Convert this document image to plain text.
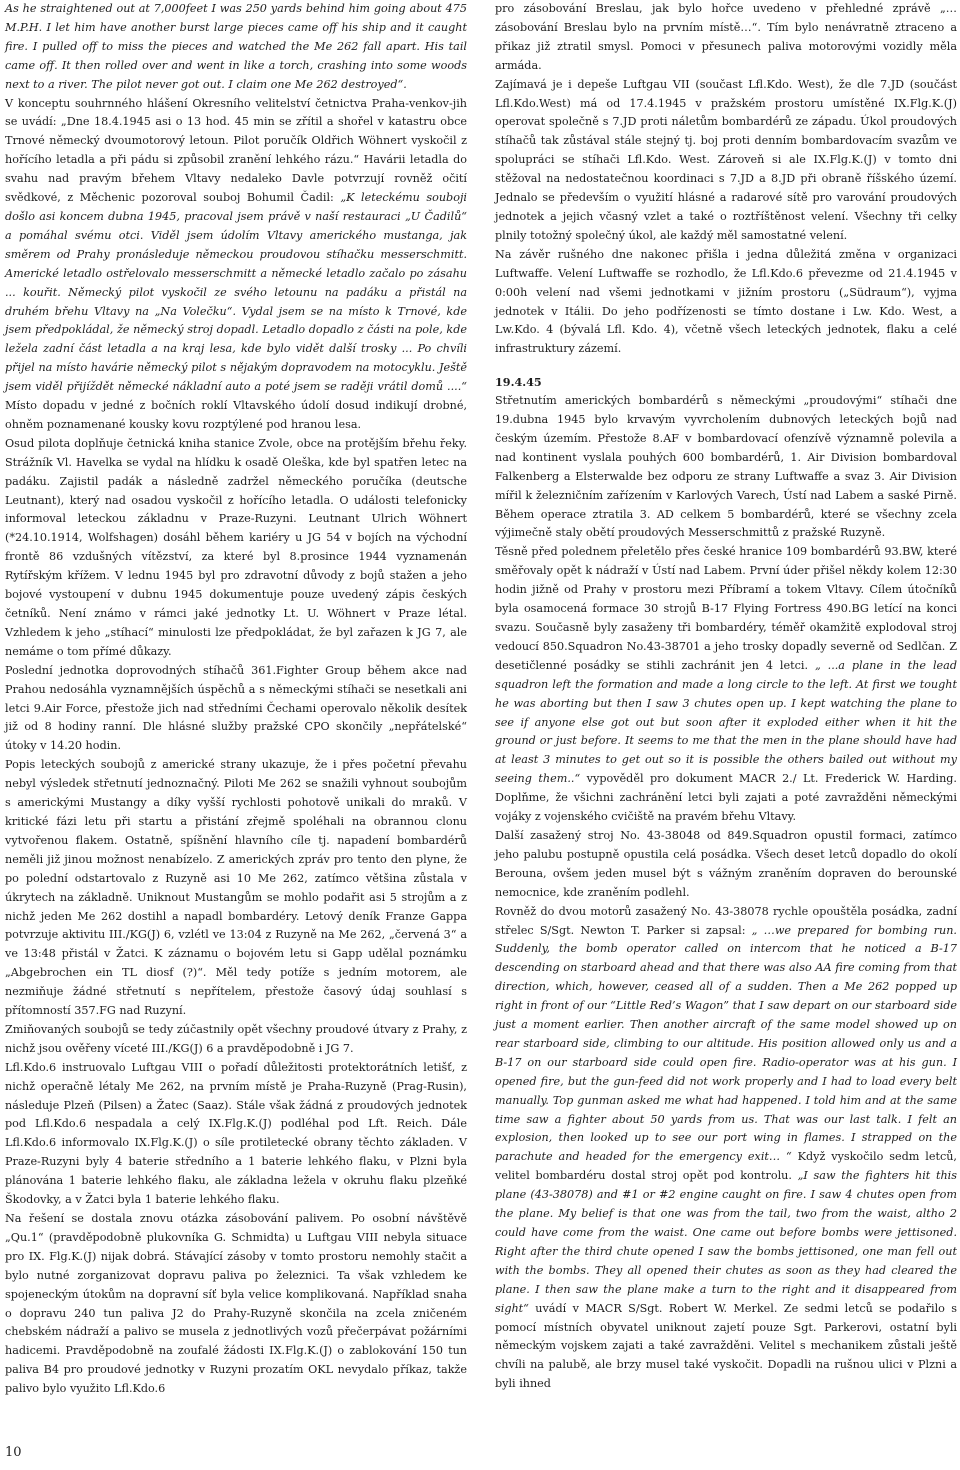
As he straightened out at 7,000feet I was 250 yards behind him going about 475 M.P.H. I let him have another burst large pieces came off his ship and it caught fire. I pulled off to miss the pieces and watched the Me 262 fall apart. His tail came off. It then rolled over and went in like a torch, crashing into some woods next to a river. The pilot never got out. I claim one Me 262 destroyed“.

V konceptu souhrnného hlášení Okresního velitelství četnictva Praha-venkov-jih se uvádí: „Dne 18.4.1945 asi o 13 hod. 45 min se zřítil a shořel v katastru obce Trnové německý dvoumotorový letoun. Pilot poručík Oldřich Wöhnert vyskočil z hořícího letadla a při pádu si způsobil zranění lehkého rázu.“ Havárii letadla do svahu nad pravým břehem Vltavy nedaleko Davle potvrzují rovněž očití svědkové, z Měchenic pozoroval souboj Bohumil Čadil: „K leteckému souboji došlo asi koncem dubna 1945, pracoval jsem právě v naší restauraci „U Čadilů“ a pomáhal svému otci. Viděl jsem údolím Vltavy amerického mustanga, jak směrem od Prahy pronásleduje německou proudovou stíhačku messerschmitt. Americké letadlo ostřelovalo messerschmitt a německé letadlo začalo po zásahu ... kouřit. Německý pilot vyskočil ze svého letounu na padáku a přistál na druhém břehu Vltavy na „Na Volečku“. Vydal jsem se na místo k Trnové, kde jsem předpokládal, že německý stroj dopadl. Letadlo dopadlo z části na pole, kde ležela zadní část letadla a na kraj lesa, kde bylo vidět další trosky ... Po chvíli přijel na místo havárie německý pilot s nějakým dopravodem na motocyklu. Ještě jsem viděl přijíždět německé nákladní auto a poté jsem se raději vrátil domů ....“ Místo dopadu v jedné z bočních roklí Vltavského údolí dosud indikují drobné, ohněm poznamenané kousky kovu rozptýlené pod hranou lesa.

Osud pilota doplňuje četnická kniha stanice Zvole, obce na protějším břehu řeky. Strážník Vl. Havelka se vydal na hlídku k osadě Oleška, kde byl spatřen letec na padáku. Zajistil padák a následně zadržel německého poručíka (deutsche Leutnant), který nad osadou vyskočil z hořícího letadla. O události telefonicky informoval leteckou základnu v Praze-Ruzyni. Leutnant Ulrich Wöhnert (*24.10.1914, Wolfshagen) dosáhl během kariéry u JG 54 v bojích na východní frontě 86 vzdušných vítězství, za které byl 8.prosince 1944 vyznamenán Rytířským křížem. V lednu 1945 byl pro zdravotní důvody z bojů stažen a jeho bojové vystoupení v dubnu 1945 dokumentuje pouze uvedený zápis českých četníků. Není známo v rámci jaké jednotky Lt. U. Wöhnert v Praze létal. Vzhledem k jeho „stíhací“ minulosti lze předpokládat, že byl zařazen k JG 7, ale nemáme o tom přímé důkazy.

Poslední jednotka doprovodných stíhačů 361.Fighter Group během akce nad Prahou nedosáhla vyznamnějších úspěchů a s německými stíhači se nesetkali ani letci 9.Air Force, přestože jich nad středními Čechami operovalo několik desítek již od 8 hodiny ranní. Dle hlásné služby pražské CPO skončily „nepřátelské“ útoky v 14.20 hodin.

Popis leteckých soubojů z americké strany ukazuje, že i přes početní převahu nebyl výsledek střetnutí jednoznačný. Piloti Me 262 se snažili vyhnout soubojům s americkými Mustangy a díky vyšší rychlosti pohotově unikali do mraků. V kritické fázi letu při startu a přistání zřejmě spoléhali na obrannou clonu vytvořenou flakem. Ostatně, spíšnění hlavního cíle tj. napadení bombardérů neměli již jinou možnost nenabízelo. Z amerických zpráv pro tento den plyne, že po polední odstartovalo z Ruzyně asi 10 Me 262, zatímco většina zůstala v úkrytech na základně. Uniknout Mustangům se mohlo podařit asi 5 strojům a z nichž jeden Me 262 dostihl a napadl bombardéry. Letový deník Franze Gappa potvrzuje aktivitu III./KG(J) 6, vzlétl ve 13:04 z Ruzyně na Me 262, „červená 3“ a ve 13:48 přistál v Žatci. K záznamu o bojovém letu si Gapp udělal poznámku „Abgebrochen ein TL diosf (?)“. Měl tedy potíže s jedním motorem, ale nezmiňuje žádné střetnutí s nepřítelem, přestože časový údaj souhlasí s přítomností 357.FG nad Ruzyní.

Zmiňovaných soubojů se tedy zúčastnily opět všechny proudové útvary z Prahy, z nichž jsou ověřeny víceté III./KG(J) 6 a pravděpodobně i JG 7.

Lfl.Kdo.6 instruovalo Luftgau VIII o pořadí důležitosti protektorátních letišť, z nichž operačně létaly Me 262, na prvním místě je Praha-Ruzyně (Prag-Rusin), následuje Plzeň (Pilsen) a Žatec (Saaz). Stále však žádná z proudových jednotek pod Lfl.Kdo.6 nespadala a celý IX.Flg.K.(J) podléhal pod Lft. Reich. Dále Lfl.Kdo.6 informovalo IX.Flg.K.(J) o síle protiletecké obrany těchto základen. V Praze-Ruzyni byly 4 baterie středního a 1 baterie lehkého flaku, v Plzni byla plánována 1 baterie lehkého flaku, ale základna ležela v okruhu flaku plzeňké Škodovky, a v Žatci byla 1 baterie lehkého flaku.

Na řešení se dostala znovu otázka zásobování palivem. Po osobní návštěvě „Qu.1“ (pravděpodobně plukovníka G. Schmidta) u Luftgau VIII nebyla situace pro IX. Flg.K.(J) nijak dobrá. Stávající zásoby v tomto prostoru nemohly stačit a bylo nutné zorganizovat dopravu paliva po železnici. Ta však vzhledem ke spojeneckým útokům na dopravní síť byla velice komplikovaná. Například snaha o dopravu 240 tun paliva J2 do Prahy-Ruzyně skončila na zcela zničeném chebském nádraží a palivo se musela z jednotlivých vozů přečerpávat požárními hadicemi. Pravděpodobně na zoufalé žádosti IX.Flg.K.(J) o zablokování 150 tun paliva B4 pro proudové jednotky v Ruzyni prozatím OKL nevydalo příkaz, takže palivo bylo využito Lfl.Kdo.6

pro zásobování Breslau, jak bylo hořce uvedeno v přehledné zprávě „…zásobování Breslau bylo na prvním místě…“. Tím bylo nenávratně ztraceno a přikaz již ztratil smysl. Pomoci v přesunech paliva motorovými vozidly měla armáda.

Zajímavá je i depeše Luftgau VII (součast Lfl.Kdo. West), že dle 7.JD (součást Lfl.Kdo.West) má od 17.4.1945 v pražském prostoru umístěné IX.Flg.K.(J) operovat společně s 7.JD proti náletům bombardérů ze západu. Úkol proudových stíhačů tak zůstával stále stejný tj. boj proti denním bombardovacím svazům ve spolupráci se stíhači Lfl.Kdo. West. Zároveň si ale IX.Flg.K.(J) v tomto dni stěžoval na nedostatečnou koordinaci s 7.JD a 8.JD při obraně říšského území. Jednalo se především o využití hlásné a radarové sítě pro varování proudových jednotek a jejich včasný vzlet a také o roztříštěnost velení. Všechny tři celky plnily totožný společný úkol, ale každý měl samostatné velení.

Na závěr rušného dne nakonec přišla i jedna důležitá změna v organizaci Luftwaffe. Velení Luftwaffe se rozhodlo, že Lfl.Kdo.6 převezme od 21.4.1945 v 0:00h velení nad všemi jednotkami v jižním prostoru („Südraum“), vyjma jednotek v Itálii. Do jeho podřízenosti se tímto dostane i Lw. Kdo. West, a Lw.Kdo. 4 (bývalá Lfl. Kdo. 4), včetně všech leteckých jednotek, flaku a celé infrastruktury zázemí.

19.4.45

Střetnutím amerických bombardérů s německými „proudovými“ stíhači dne 19.dubna 1945 bylo krvavým vyvrcholením dubnových leteckých bojů nad českým územím. Přestože 8.AF v bombardovací ofenzívě významně polevila a nad kontinent vyslala pouhých 600 bombardérů, 1. Air Division bombardoval Falkenberg a Elsterwalde bez odporu ze strany Luftwaffe a svaz 3. Air Division mířil k železničním zařízením v Karlových Varech, Ústí nad Labem a saské Pirně. Během operace ztratila 3. AD celkem 5 bombardérů, které se všechny zcela výjimečně staly obětí proudových Messerschmittů z pražské Ruzyně.

Těsně před polednem přeletělo přes české hranice 109 bombardérů 93.BW, které směřovaly opět k nádraží v Ústí nad Labem. První úder přišel někdy kolem 12:30 hodin jižně od Prahy v prostoru mezi Příbramí a tokem Vltavy. Cílem útočníků byla osamocená formace 30 strojů B-17 Flying Fortress 490.BG letící na konci svazu. Současně byly zasaženy tři bombardéry, téměř okamžitě explodoval stroj vedoucí 850.Squadron No.43-38701 a jeho trosky dopadly severně od Sedlčan. Z desetičlenné posádky se stihli zachránit jen 4 letci. „ ...a plane in the lead squadron left the formation and made a long circle to the left. At first we tought he was aborting but then I saw 3 chutes open up. I kept watching the plane to see if anyone else got out but soon after it exploded either when it hit the ground or just before. It seems to me that the men in the plane should have had at least 3 minutes to get out so it is possible the others bailed out without my seeing them..“ vypověděl pro dokument MACR 2./ Lt. Frederick W. Harding. Doplňme, že všichni zachránění letci byli zajati a poté zavražděni německými vojáky z vojenského cvičiště na pravém břehu Vltavy.

Další zasažený stroj No. 43-38048 od 849.Squadron opustil formaci, zatímco jeho palubu postupně opustila celá posádka. Všech deset letců dopadlo do okolí Berouna, ovšem jeden musel být s vážným zraněním dopraven do berounské nemocnice, kde zraněním podlehl.

Rovněž do dvou motorů zasažený No. 43-38078 rychle opouštěla posádka, zadní střelec S/Sgt. Newton T. Parker si zapsal: „ …we prepared for bombing run. Suddenly, the bomb operator called on intercom that he noticed a B-17 descending on starboard ahead and that there was also AA fire coming from that direction, which, however, ceased all of a sudden. Then a Me 262 popped up right in front of our “Little Red’s Wagon” that I saw depart on our starboard side just a moment earlier. Then another aircraft of the same model showed up on rear starboard side, climbing to our altitude. His position allowed only us and a B-17 on our starboard side could open fire. Radio-operator was at his gun. I opened fire, but the gun-feed did not work properly and I had to load every belt manually. Top gunman asked me what had happened. I told him and at the same time saw a fighter about 50 yards from us. That was our last talk. I felt an explosion, then looked up to see our port wing in flames. I strapped on the parachute and headed for the emergency exit… “ Když vyskočilo sedm letců, velitel bombardéru dostal stroj opět pod kontrolu. „I saw the fighters hit this plane (43-38078) and #1 or #2 engine caught on fire. I saw 4 chutes open from the plane. My belief is that one was from the tail, two from the waist, altho 2 could have come from the waist. One came out before bombs were jettisoned. Right after the third chute opened I saw the bombs jettisoned, one man fell out with the bombs. They all opened their chutes as soon as they had cleared the plane. I then saw the plane make a turn to the right and it disappeared from sight“ uvádí v MACR S/Sgt. Robert W. Merkel. Ze sedmi letců se podařilo s pomocí místních obyvatel uniknout zajetí pouze Sgt. Parkerovi, ostatní byli německým vojskem zajati a také zavražděni. Velitel s mechanikem zůstali ještě chvíli na palubě, ale brzy musel také vyskočit. Dopadli na rušnou ulici v Plzni a byli ihned

10
